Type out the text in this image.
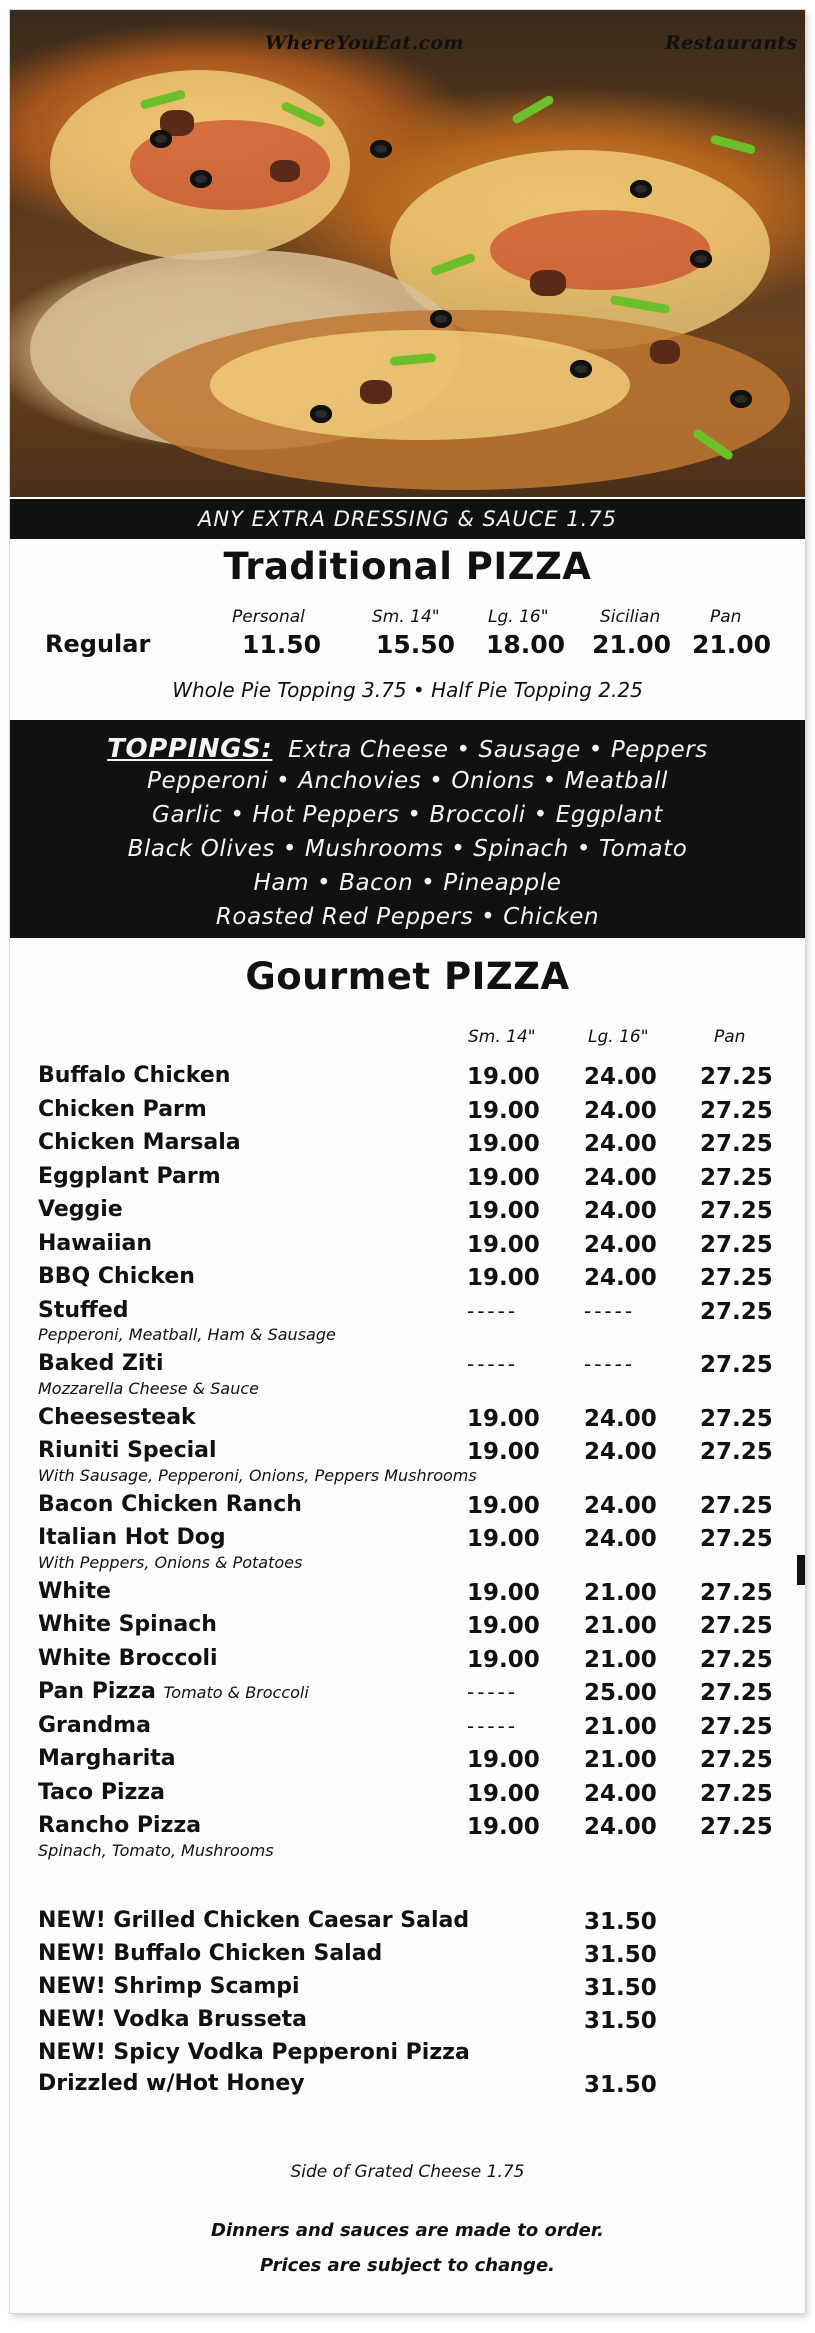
WhereYouEat.com	Restaurants
ANY EXTRA DRESSING & SAUCE 1.75
Traditional PIZZA
Personal	Sm. 14"	Lg. 16"	Sicilian	Pan
Regular	11.50 15.50 18.00 21.00 21.00
Whole Pie Topping 3.75 • Half Pie Topping 2.25
TOPPINGS: Extra Cheese • Sausage • Peppers
Pepperoni • Anchovies • Onions • Meatball
Garlic • Hot Peppers • Broccoli • Eggplant
Black Olives • Mushrooms • Spinach • Tomato
Ham • Bacon • Pineapple
Roasted Red Peppers • Chicken
Gourmet PIZZA
Sm. 14"	Lg. 16"	Pan
Buffalo Chicken	19.00 24.00 27.25
Chicken Parm	19.00 24.00 27.25
Chicken Marsala	19.00 24.00 27.25
Eggplant Parm	19.00 24.00 27.25
Veggie	19.00 24.00 27.25
Hawaiian	19.00 24.00 27.25
BBQ Chicken	19.00 24.00 27.25
Stuffed	-----	-----	27.25
Pepperoni, Meatball, Ham & Sausage
Baked Ziti	-----	-----	27.25
Mozzarella Cheese & Sauce
Cheesesteak	19.00 24.00 27.25
Riuniti Special	19.00 24.00 27.25
With Sausage, Pepperoni, Onions, Peppers Mushrooms
Bacon Chicken Ranch	19.00 24.00 27.25
Italian Hot Dog	19.00 24.00 27.25
With Peppers, Onions & Potatoes
White	19.00 21.00 27.25
White Spinach	19.00 21.00 27.25
White Broccoli	19.00 21.00 27.25
Pan Pizza Tomato & Broccoli	-----	25.00 27.25
Grandma	-----	21.00 27.25
Margharita	19.00 21.00 27.25
Taco Pizza	19.00 24.00 27.25
Rancho Pizza	19.00 24.00 27.25
Spinach, Tomato, Mushrooms
NEW! Grilled Chicken Caesar Salad	31.50
NEW! Buffalo Chicken Salad	31.50
NEW! Shrimp Scampi	31.50
NEW! Vodka Brusseta	31.50
NEW! Spicy Vodka Pepperoni Pizza
Drizzled w/Hot Honey	31.50
Side of Grated Cheese 1.75
Dinners and sauces are made to order.
Prices are subject to change.
